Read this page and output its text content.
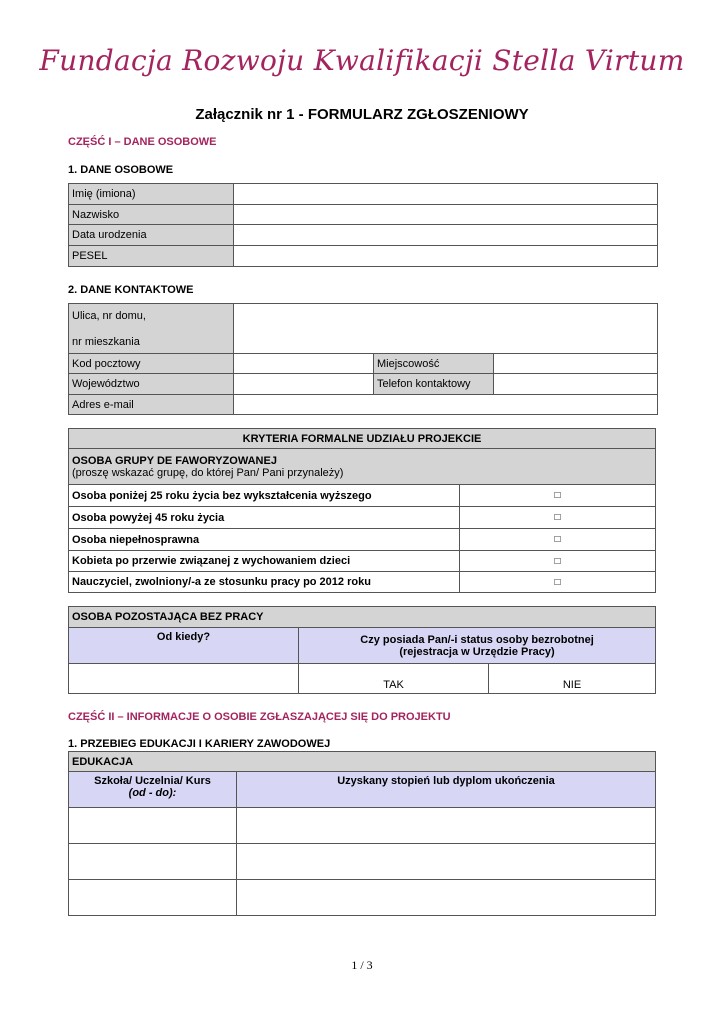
Fundacja Rozwoju Kwalifikacji Stella Virtum
Załącznik nr 1 - FORMULARZ ZGŁOSZENIOWY
CZĘŚĆ I – DANE OSOBOWE
1. DANE OSOBOWE
Imię (imiona)	
Nazwisko	
Data urodzenia	
PESEL	
2. DANE KONTAKTOWE
Ulica, nr domu,
nr mieszkania			

Kod pocztowy		Miejscowość	
Województwo		Telefon kontaktowy	
Adres e-mail			
KRYTERIA FORMALNE UDZIAŁU PROJEKCIE	

OSOBA GRUPY DE FAWORYZOWANEJ
(proszę wskazać grupę, do której Pan/ Pani przynależy)	

Osoba poniżej 25 roku życia bez wykształcenia wyższego	□
Osoba powyżej 45 roku życia	□
Osoba niepełnosprawna	□
Kobieta po przerwie związanej z wychowaniem dzieci	□
Nauczyciel, zwolniony/-a ze stosunku pracy po 2012 roku	□
OSOBA POZOSTAJĄCA BEZ PRACY		
Od kiedy?	Czy posiada Pan/-i status osoby bezrobotnej
(rejestracja w Urzędzie Pracy)	

	TAK	NIE
CZĘŚĆ II – INFORMACJE O OSOBIE ZGŁASZAJĄCEJ SIĘ DO PROJEKTU
1. PRZEBIEG EDUKACJI I KARIERY ZAWODOWEJ
EDUKACJA	

Szkoła/ Uczelnia/ Kurs
(od - do):	Uzyskany stopień lub dyplom ukończenia

1 / 3
